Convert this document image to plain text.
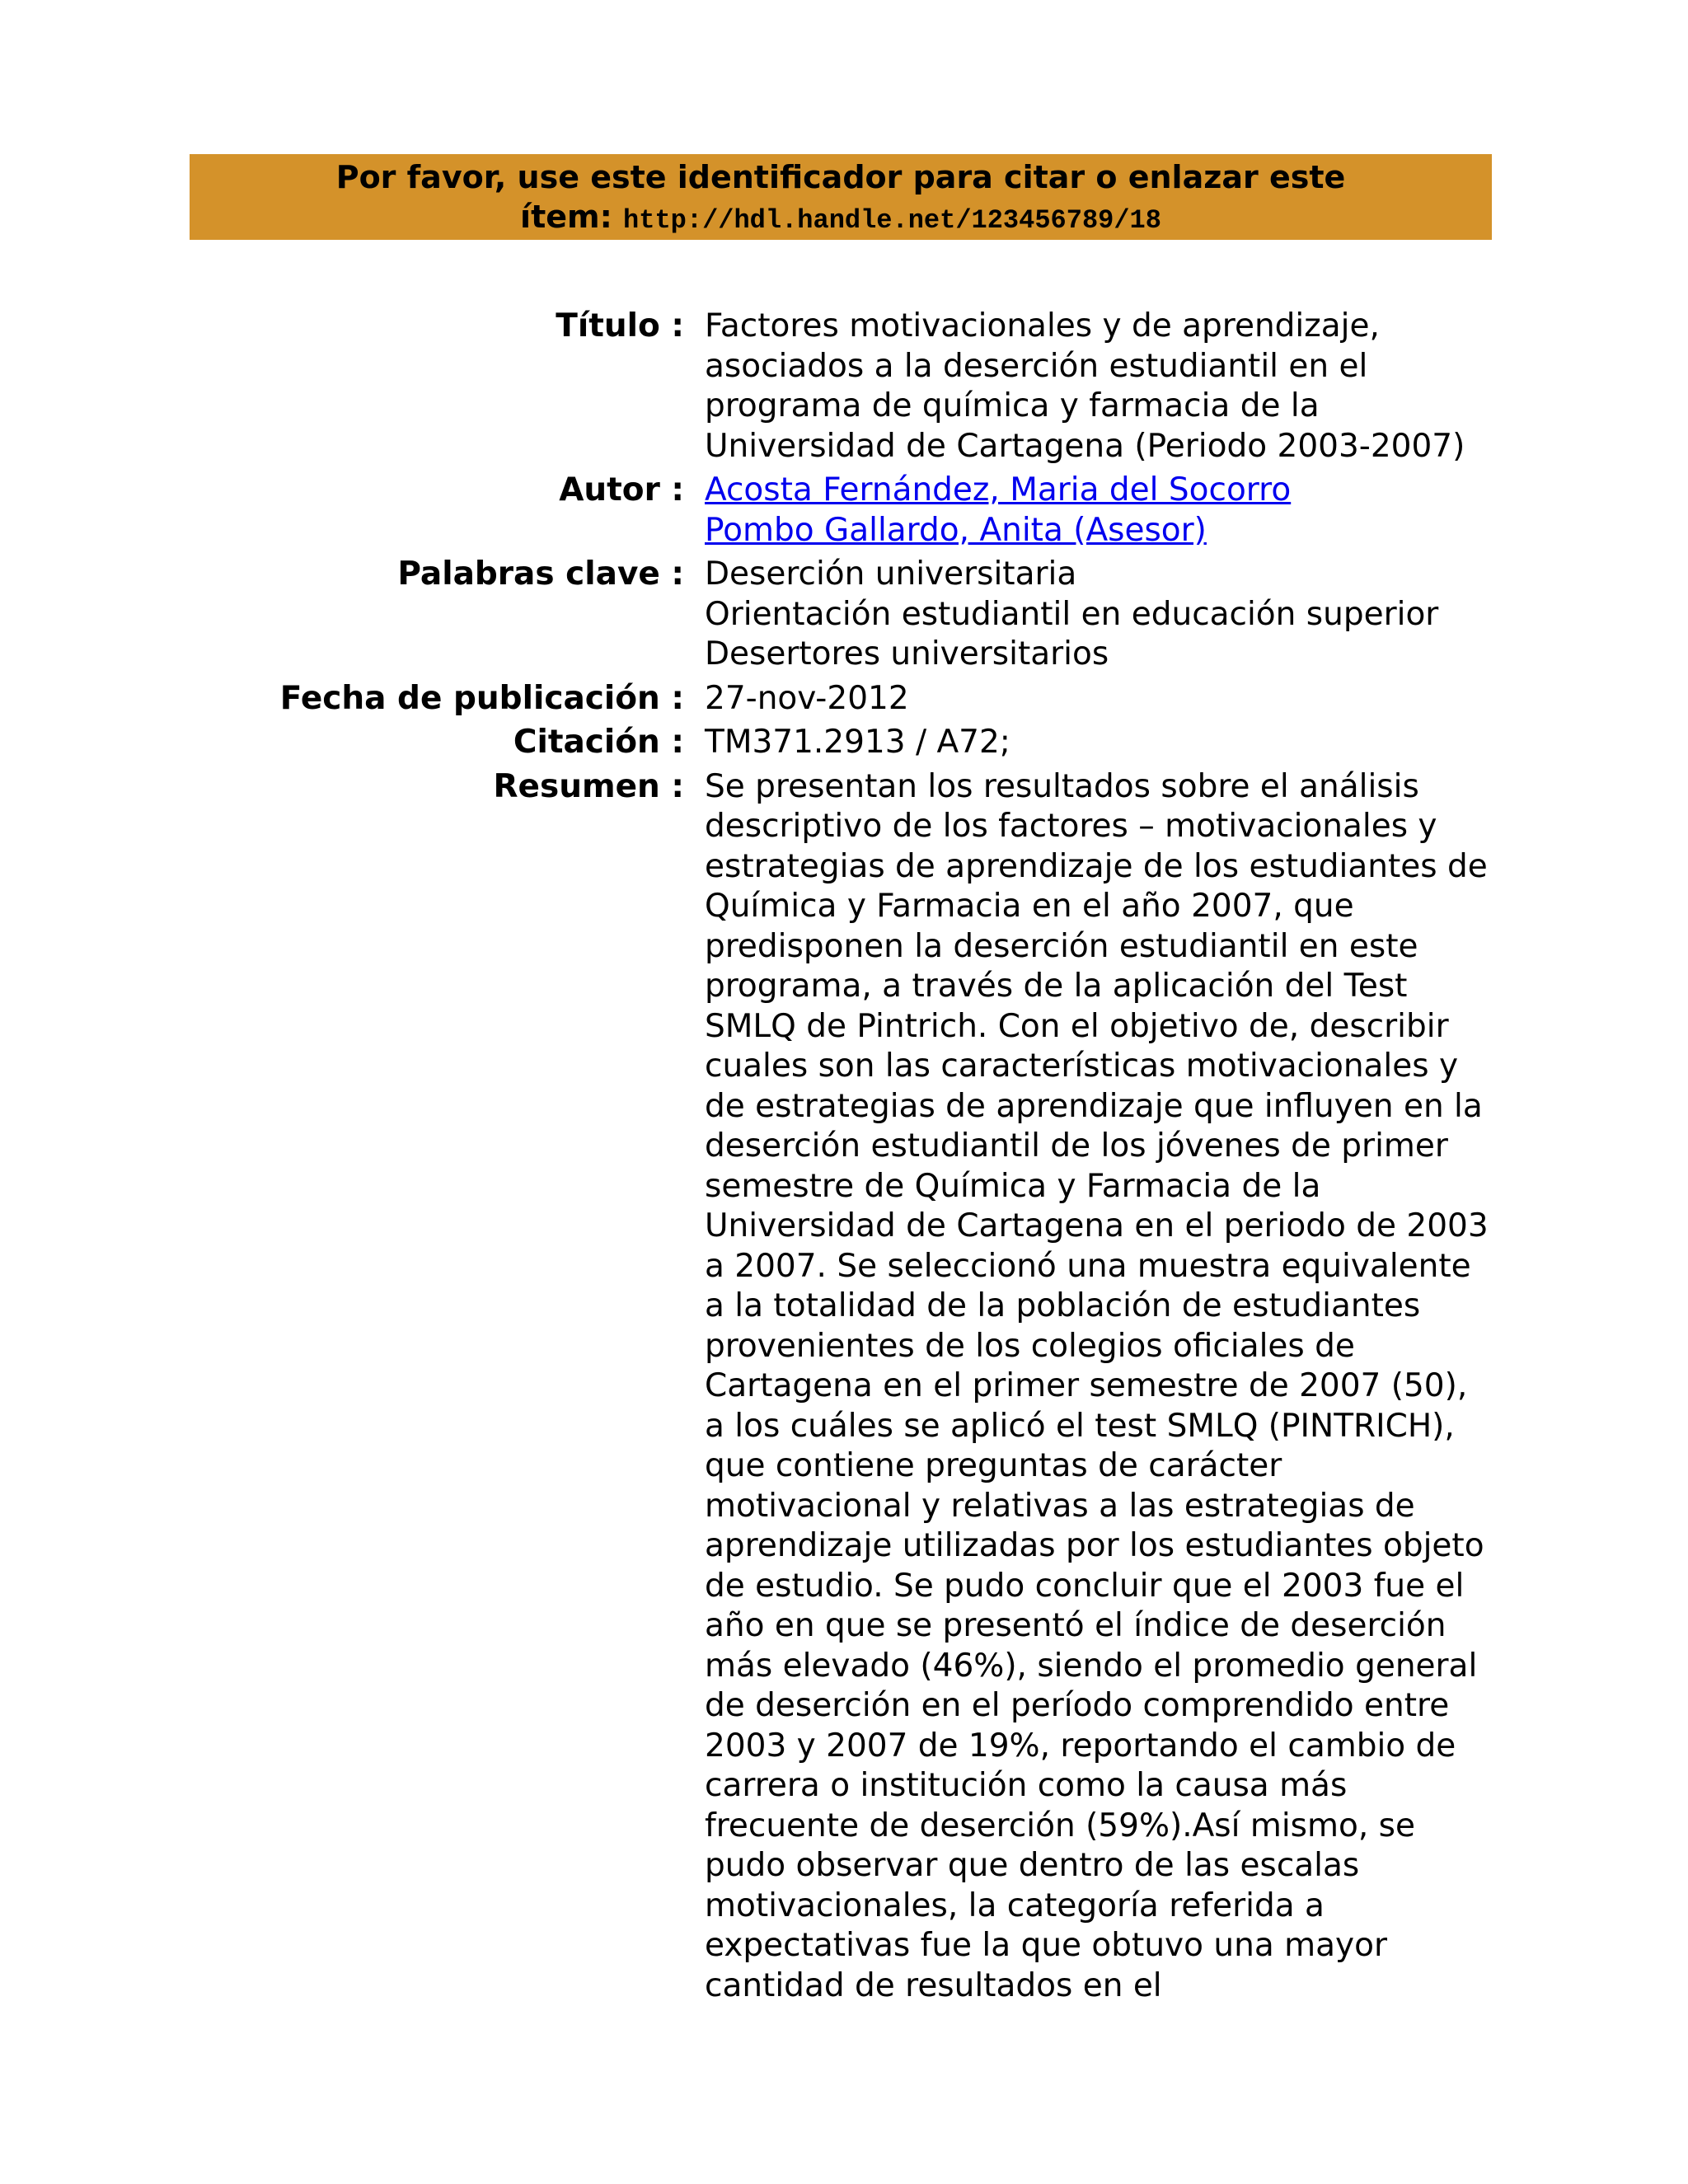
Por favor, use este identificador para citar o enlazar este
ítem: http://hdl.handle.net/123456789/18
Título : Factores motivacionales y de aprendizaje, asociados a la deserción estudiantil en el programa de química y farmacia de la Universidad de Cartagena (Periodo 2003-2007)
Autor : Acosta Fernández, Maria del Socorro
Pombo Gallardo, Anita (Asesor)
Palabras clave : Deserción universitaria
Orientación estudiantil en educación superior
Desertores universitarios
Fecha de publicación : 27-nov-2012
Citación : TM371.2913 / A72;
Resumen : Se presentan los resultados sobre el análisis descriptivo de los factores – motivacionales y estrategias de aprendizaje de los estudiantes de Química y Farmacia en el año 2007, que predisponen la deserción estudiantil en este programa, a través de la aplicación del Test SMLQ de Pintrich. Con el objetivo de, describir cuales son las características motivacionales y de estrategias de aprendizaje que influyen en la deserción estudiantil de los jóvenes de primer semestre de Química y Farmacia de la Universidad de Cartagena en el periodo de 2003 a 2007. Se seleccionó una muestra equivalente a la totalidad de la población de estudiantes provenientes de los colegios oficiales de Cartagena en el primer semestre de 2007 (50), a los cuáles se aplicó el test SMLQ (PINTRICH), que contiene preguntas de carácter motivacional y relativas a las estrategias de aprendizaje utilizadas por los estudiantes objeto de estudio. Se pudo concluir que el 2003 fue el año en que se presentó el índice de deserción más elevado (46%), siendo el promedio general de deserción en el período comprendido entre 2003 y 2007 de 19%, reportando el cambio de carrera o institución como la causa más frecuente de deserción (59%).Así mismo, se pudo observar que dentro de las escalas motivacionales, la categoría referida a expectativas fue la que obtuvo una mayor cantidad de resultados en el
